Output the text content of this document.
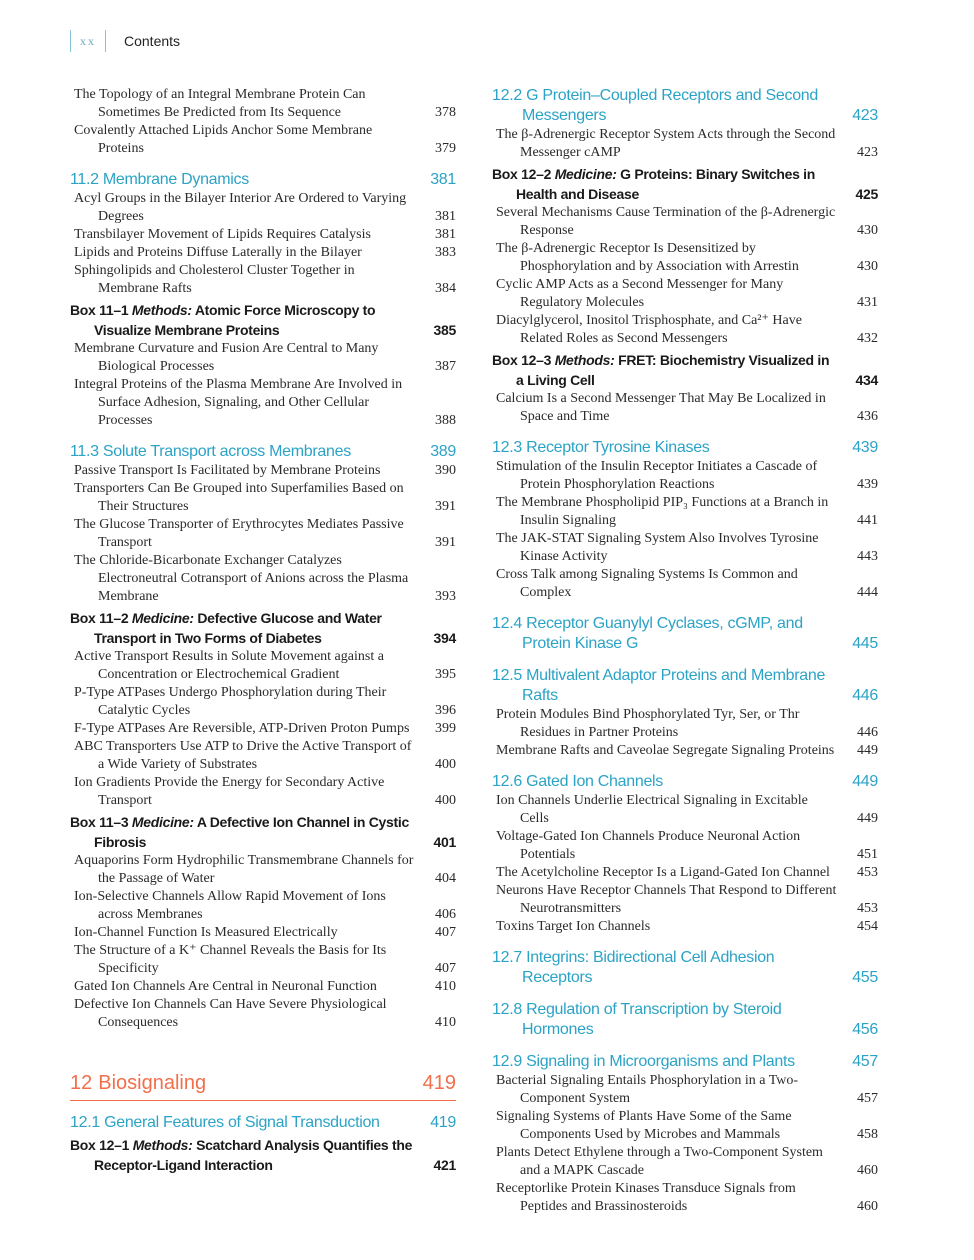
xx	Contents
The Topology of an Integral Membrane Protein Can Sometimes Be Predicted from Its Sequence	378
Covalently Attached Lipids Anchor Some Membrane Proteins	379
11.2 Membrane Dynamics	381
Acyl Groups in the Bilayer Interior Are Ordered to Varying Degrees	381
Transbilayer Movement of Lipids Requires Catalysis	381
Lipids and Proteins Diffuse Laterally in the Bilayer	383
Sphingolipids and Cholesterol Cluster Together in Membrane Rafts	384
Box 11–1 Methods: Atomic Force Microscopy to Visualize Membrane Proteins	385
Membrane Curvature and Fusion Are Central to Many Biological Processes	387
Integral Proteins of the Plasma Membrane Are Involved in Surface Adhesion, Signaling, and Other Cellular Processes	388
11.3 Solute Transport across Membranes	389
Passive Transport Is Facilitated by Membrane Proteins	390
Transporters Can Be Grouped into Superfamilies Based on Their Structures	391
The Glucose Transporter of Erythrocytes Mediates Passive Transport	391
The Chloride-Bicarbonate Exchanger Catalyzes Electroneutral Cotransport of Anions across the Plasma Membrane	393
Box 11–2 Medicine: Defective Glucose and Water Transport in Two Forms of Diabetes	394
Active Transport Results in Solute Movement against a Concentration or Electrochemical Gradient	395
P-Type ATPases Undergo Phosphorylation during Their Catalytic Cycles	396
F-Type ATPases Are Reversible, ATP-Driven Proton Pumps	399
ABC Transporters Use ATP to Drive the Active Transport of a Wide Variety of Substrates	400
Ion Gradients Provide the Energy for Secondary Active Transport	400
Box 11–3 Medicine: A Defective Ion Channel in Cystic Fibrosis	401
Aquaporins Form Hydrophilic Transmembrane Channels for the Passage of Water	404
Ion-Selective Channels Allow Rapid Movement of Ions across Membranes	406
Ion-Channel Function Is Measured Electrically	407
The Structure of a K⁺ Channel Reveals the Basis for Its Specificity	407
Gated Ion Channels Are Central in Neuronal Function	410
Defective Ion Channels Can Have Severe Physiological Consequences	410
12 Biosignaling	419
12.1 General Features of Signal Transduction	419
Box 12–1 Methods: Scatchard Analysis Quantifies the Receptor-Ligand Interaction	421
12.2 G Protein–Coupled Receptors and Second Messengers	423
The β-Adrenergic Receptor System Acts through the Second Messenger cAMP	423
Box 12–2 Medicine: G Proteins: Binary Switches in Health and Disease	425
Several Mechanisms Cause Termination of the β-Adrenergic Response	430
The β-Adrenergic Receptor Is Desensitized by Phosphorylation and by Association with Arrestin	430
Cyclic AMP Acts as a Second Messenger for Many Regulatory Molecules	431
Diacylglycerol, Inositol Trisphosphate, and Ca²⁺ Have Related Roles as Second Messengers	432
Box 12–3 Methods: FRET: Biochemistry Visualized in a Living Cell	434
Calcium Is a Second Messenger That May Be Localized in Space and Time	436
12.3 Receptor Tyrosine Kinases	439
Stimulation of the Insulin Receptor Initiates a Cascade of Protein Phosphorylation Reactions	439
The Membrane Phospholipid PIP₃ Functions at a Branch in Insulin Signaling	441
The JAK-STAT Signaling System Also Involves Tyrosine Kinase Activity	443
Cross Talk among Signaling Systems Is Common and Complex	444
12.4 Receptor Guanylyl Cyclases, cGMP, and Protein Kinase G	445
12.5 Multivalent Adaptor Proteins and Membrane Rafts	446
Protein Modules Bind Phosphorylated Tyr, Ser, or Thr Residues in Partner Proteins	446
Membrane Rafts and Caveolae Segregate Signaling Proteins	449
12.6 Gated Ion Channels	449
Ion Channels Underlie Electrical Signaling in Excitable Cells	449
Voltage-Gated Ion Channels Produce Neuronal Action Potentials	451
The Acetylcholine Receptor Is a Ligand-Gated Ion Channel	453
Neurons Have Receptor Channels That Respond to Different Neurotransmitters	453
Toxins Target Ion Channels	454
12.7 Integrins: Bidirectional Cell Adhesion Receptors	455
12.8 Regulation of Transcription by Steroid Hormones	456
12.9 Signaling in Microorganisms and Plants	457
Bacterial Signaling Entails Phosphorylation in a Two-Component System	457
Signaling Systems of Plants Have Some of the Same Components Used by Microbes and Mammals	458
Plants Detect Ethylene through a Two-Component System and a MAPK Cascade	460
Receptorlike Protein Kinases Transduce Signals from Peptides and Brassinosteroids	460
